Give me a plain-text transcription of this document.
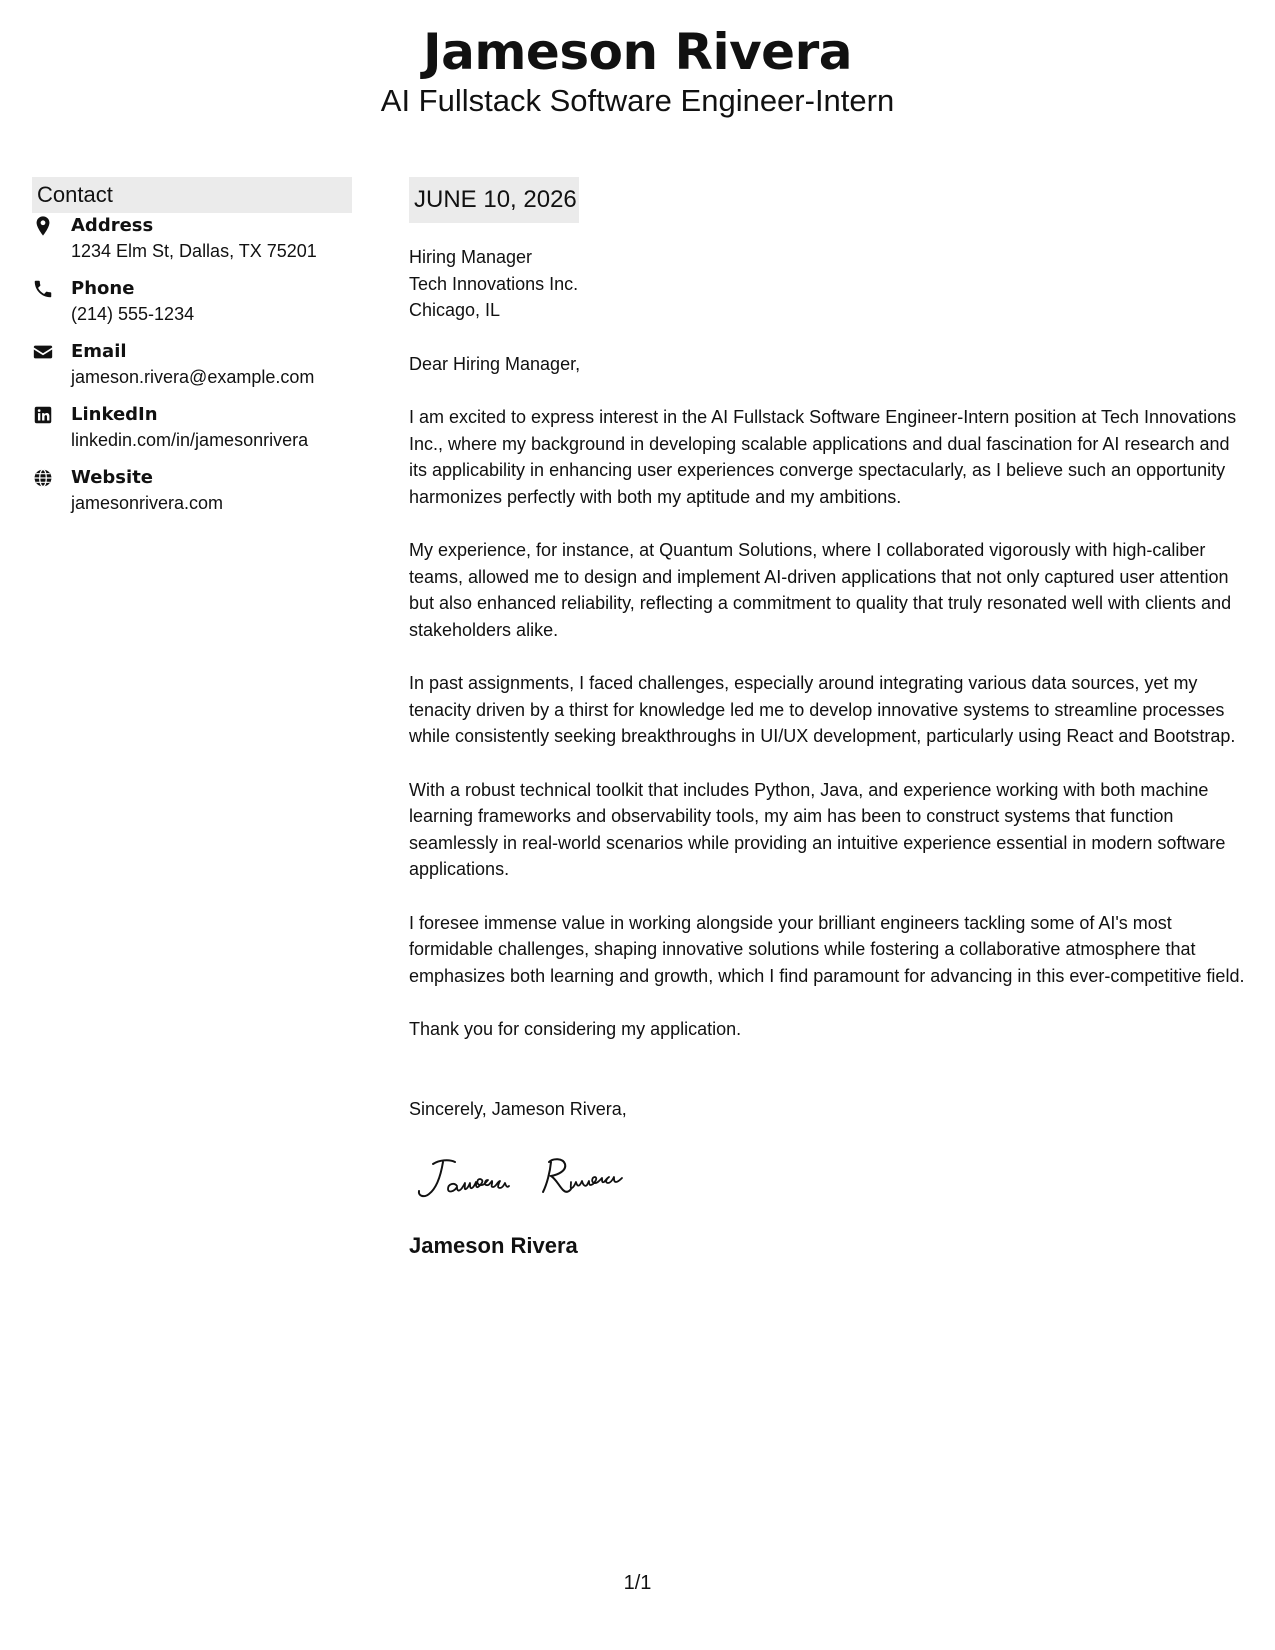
Jameson Rivera
AI Fullstack Software Engineer-Intern
Contact
Address
1234 Elm St, Dallas, TX 75201
Phone
(214) 555-1234
Email
jameson.rivera@example.com
LinkedIn
linkedin.com/in/jamesonrivera
Website
jamesonrivera.com
JUNE 10, 2026
Hiring Manager
Tech Innovations Inc.
Chicago, IL
Dear Hiring Manager,
I am excited to express interest in the AI Fullstack Software Engineer-Intern position at Tech Innovations Inc., where my background in developing scalable applications and dual fascination for AI research and its applicability in enhancing user experiences converge spectacularly, as I believe such an opportunity harmonizes perfectly with both my aptitude and my ambitions.
My experience, for instance, at Quantum Solutions, where I collaborated vigorously with high-caliber teams, allowed me to design and implement AI-driven applications that not only captured user attention but also enhanced reliability, reflecting a commitment to quality that truly resonated well with clients and stakeholders alike.
In past assignments, I faced challenges, especially around integrating various data sources, yet my tenacity driven by a thirst for knowledge led me to develop innovative systems to streamline processes while consistently seeking breakthroughs in UI/UX development, particularly using React and Bootstrap.
With a robust technical toolkit that includes Python, Java, and experience working with both machine learning frameworks and observability tools, my aim has been to construct systems that function seamlessly in real-world scenarios while providing an intuitive experience essential in modern software applications.
I foresee immense value in working alongside your brilliant engineers tackling some of AI's most formidable challenges, shaping innovative solutions while fostering a collaborative atmosphere that emphasizes both learning and growth, which I find paramount for advancing in this ever-competitive field.
Thank you for considering my application.
Sincerely, Jameson Rivera,
Jameson Rivera
1/1
